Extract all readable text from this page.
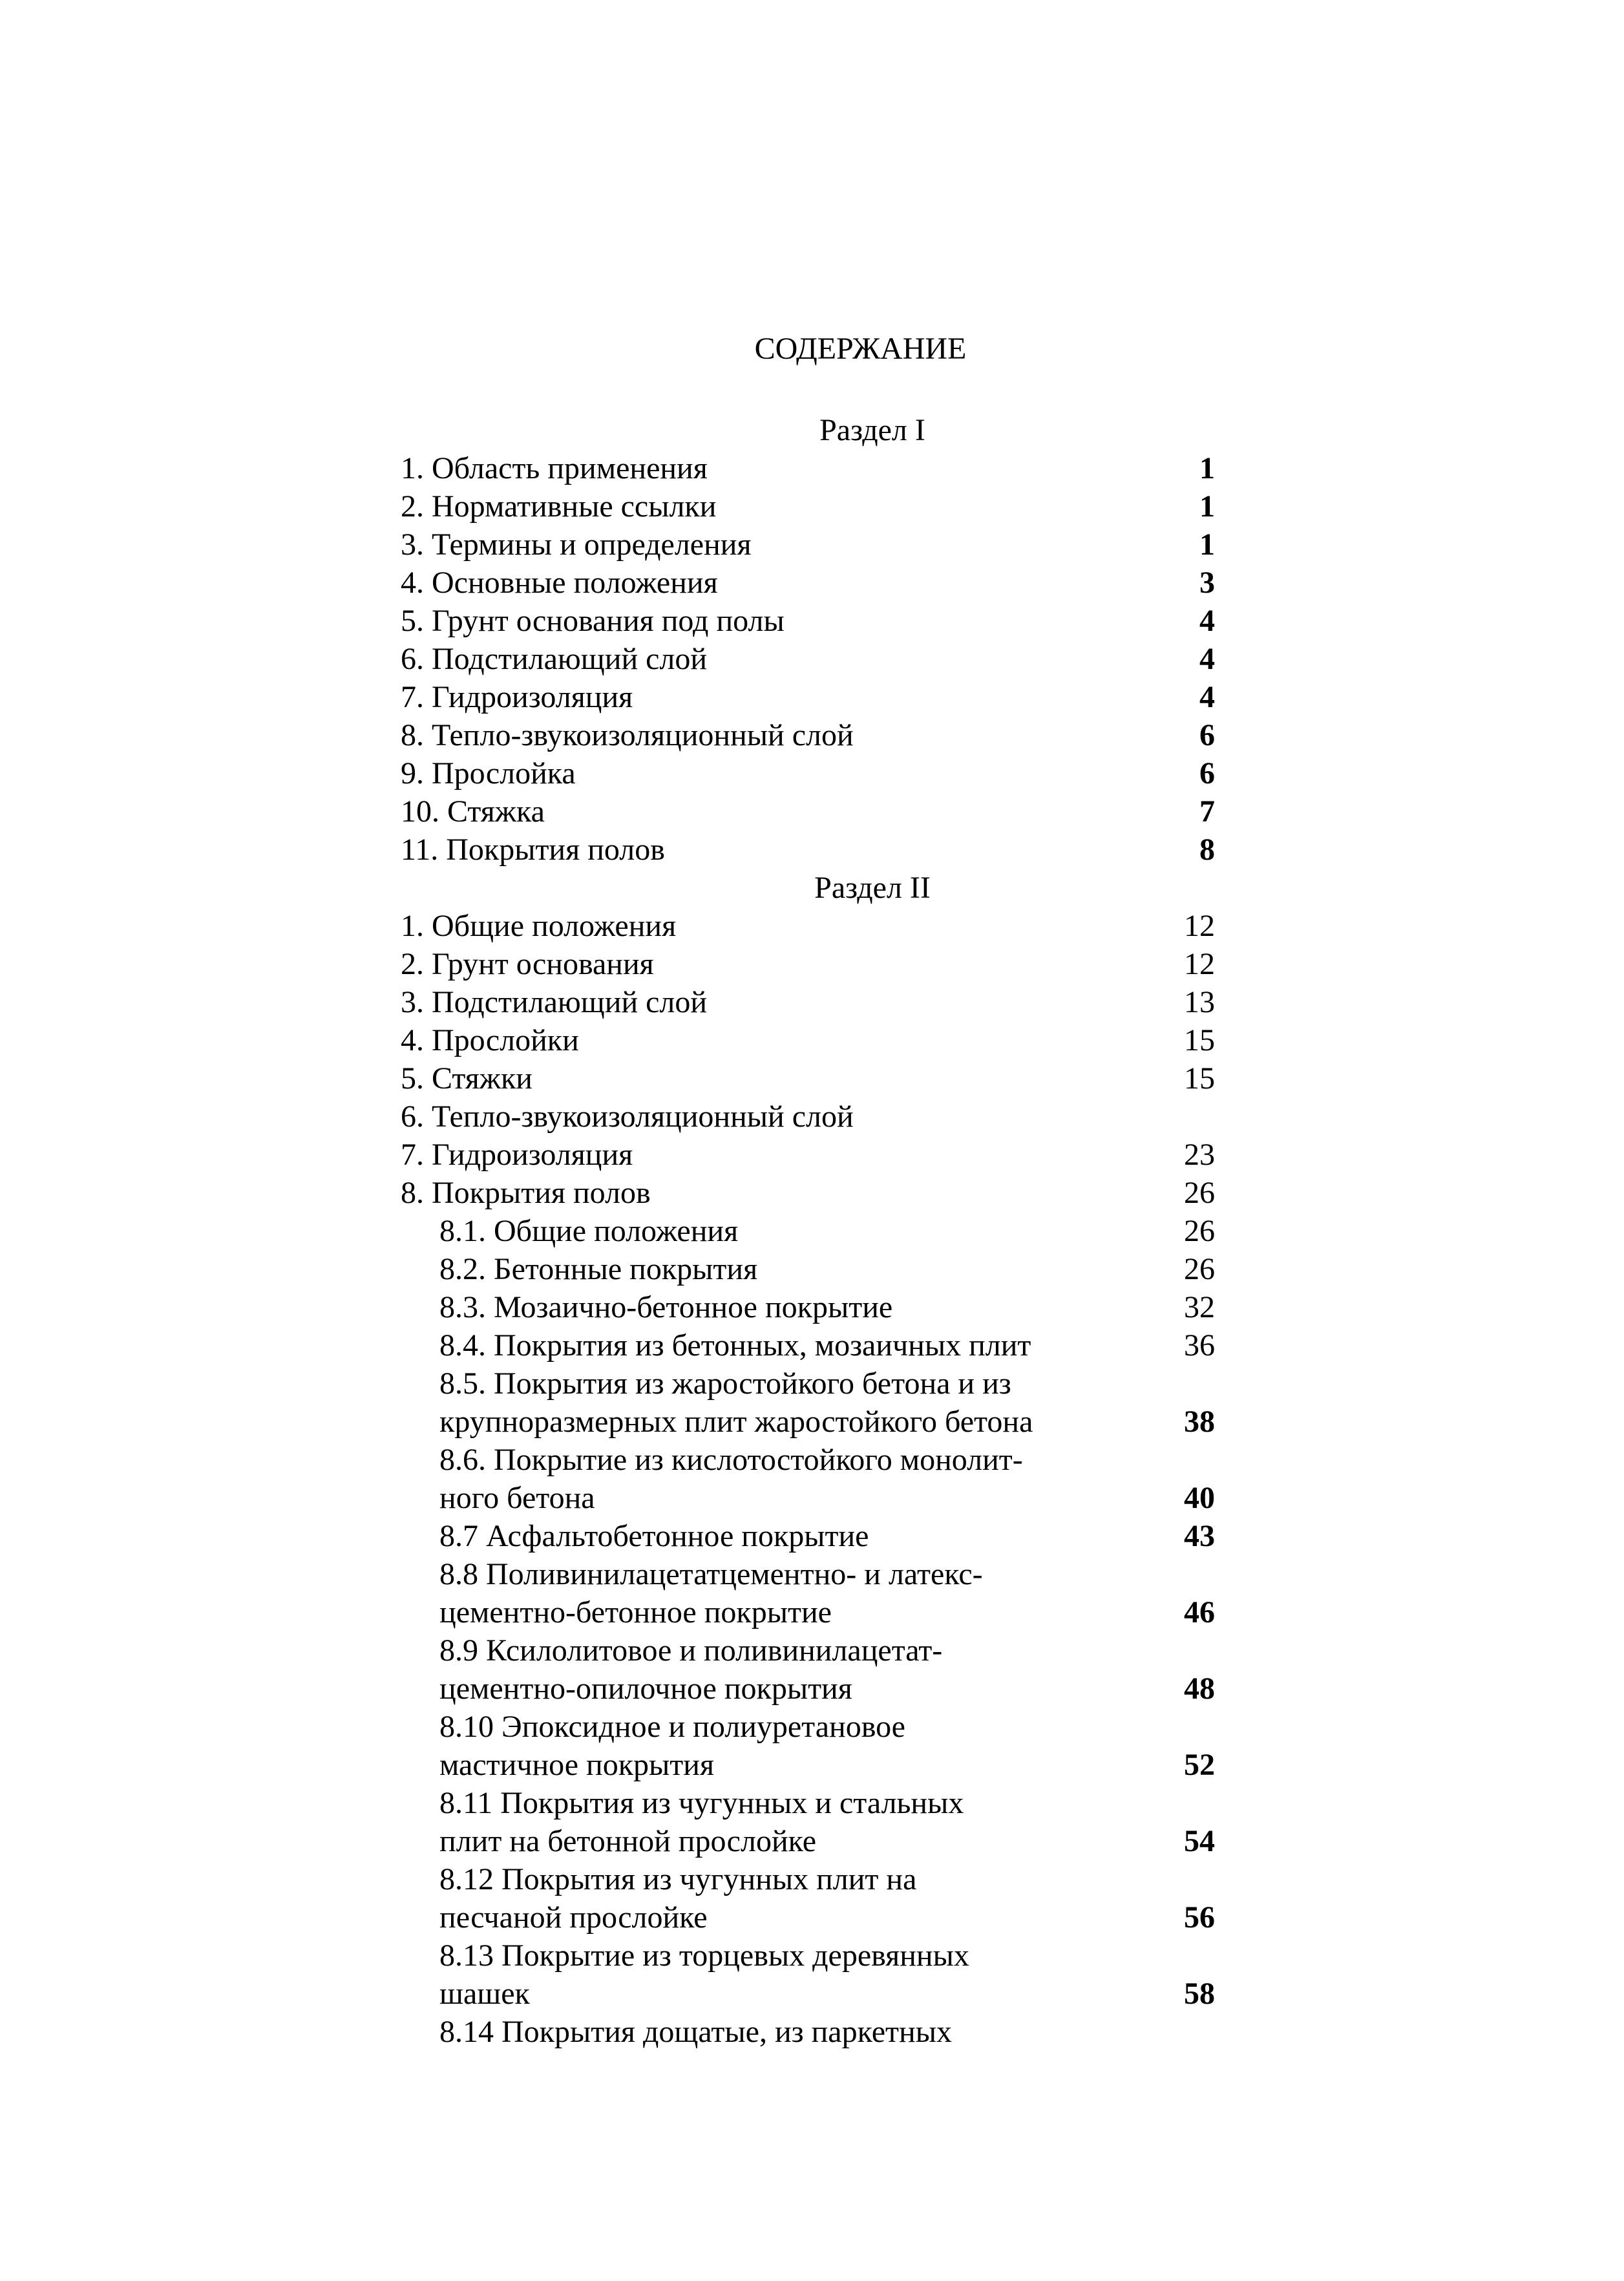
СОДЕРЖАНИЕ
Раздел I
1. Область применения	1
2. Нормативные ссылки	1
3. Термины и определения	1
4. Основные положения	3
5. Грунт основания под полы	4
6. Подстилающий слой	4
7. Гидроизоляция	4
8. Тепло-звукоизоляционный слой	6
9. Прослойка	6
10. Стяжка	7
11. Покрытия полов	8
Раздел II
1. Общие положения	12
2. Грунт основания	12
3. Подстилающий слой	13
4. Прослойки	15
5. Стяжки	15
6. Тепло-звукоизоляционный слой
7. Гидроизоляция	23
8. Покрытия полов	26
8.1. Общие положения	26
8.2. Бетонные покрытия	26
8.3. Мозаично-бетонное покрытие	32
8.4. Покрытия из бетонных, мозаичных плит	36
8.5. Покрытия из жаростойкого бетона и из
крупноразмерных плит жаростойкого бетона	38
8.6. Покрытие из кислотостойкого монолит-
ного бетона	40
8.7 Асфальтобетонное покрытие	43
8.8 Поливинилацетатцементно- и латекс-
цементно-бетонное покрытие	46
8.9 Ксилолитовое и поливинилацетат-
цементно-опилочное покрытия	48
8.10 Эпоксидное и полиуретановое
мастичное покрытия	52
8.11 Покрытия из чугунных и стальных
плит на бетонной прослойке	54
8.12 Покрытия из чугунных плит на
песчаной прослойке	56
8.13 Покрытие из торцевых деревянных
шашек	58
8.14 Покрытия дощатые, из паркетных
